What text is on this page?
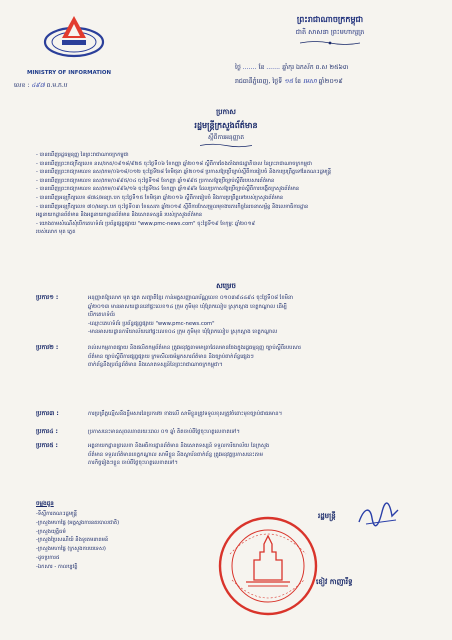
MINISTRY OF INFORMATION
លេខ : ៤៩៧ ព.ម.ក.ប
ព្រះរាជាណាចក្រកម្ពុជា
ជាតិ សាសនា ព្រះមហាក្សត្រ
ថ្ងៃ ....... ខែ ....... ឆ្នាំកុរ ឯកស័ក ព.ស ២៥៦៣
រាជធានីភ្នំពេញ, ថ្ងៃទី ១៥ ខែ មេសា ឆ្នាំ២០១៩
ប្រកាស
រដ្ឋមន្ត្រីក្រសួងព័ត៌មាន
ស្ដីពីការអនុញ្ញាត
- បានឃើញរដ្ឋធម្មនុញ្ញ នៃព្រះរាជាណាចក្រកម្ពុជា
- បានឃើញព្រះរាជក្រឹត្យលេខ នស/រកត/០៩១៨/៩២៥ ចុះថ្ងៃទី០៦ ខែកញ្ញា ឆ្នាំ២០១៨ ស្ដីពីការតែងតាំងរាជរដ្ឋាភិបាល នៃព្រះរាជាណាចក្រកម្ពុជា
- បានឃើញព្រះរាជក្រមលេខ នស/រកម/០៦១៨/០១២ ចុះថ្ងៃទី២៨ ខែមិថុនា ឆ្នាំ២០១៨ ប្រកាសឱ្យប្រើច្បាប់ស្ដីពីការរៀបចំ និងការប្រព្រឹត្តទៅនៃគណៈរដ្ឋមន្ត្រី
- បានឃើញព្រះរាជក្រមលេខ នស/រកម/០៩៩៥/០៤ ចុះថ្ងៃទី១៨ ខែកញ្ញា ឆ្នាំ១៩៩៥ ប្រកាសឱ្យប្រើច្បាប់ស្ដីពីរបបសារព័ត៌មាន
- បានឃើញព្រះរាជក្រមលេខ នស/រកម/០៩៩៦/១៦ ចុះថ្ងៃទី២៤ ខែកញ្ញា ឆ្នាំ១៩៩៦ ដែលប្រកាសឱ្យប្រើច្បាប់ស្ដីពីការបង្កើតក្រសួងព័ត៌មាន
- បានឃើញអនុក្រឹត្យលេខ ៨៧៤/អនក្រ.បក ចុះថ្ងៃទី១៥ ខែមិថុនា ឆ្នាំ២០១៦ ស្ដីពីការរៀបចំ និងការប្រព្រឹត្តទៅរបស់ក្រសួងព័ត៌មាន
- បានឃើញអនុក្រឹត្យលេខ ៧០/អនក្រ.បក ចុះថ្ងៃទី០៣ ខែឧសភា ឆ្នាំ២០១៩ ស្ដីពីការកែសម្រួលមុខងារភារកិច្ចនៃរចនាសម្ព័ន្ធ និងលេខាធិការដ្ឋាន
អគ្គនាយកដ្ឋានព័ត៌មាន និងអគ្គនាយកដ្ឋានព័ត៌មាន និងសោតទស្សន៍ របស់ក្រសួងព័ត៌មាន
- យោងតាមសំណើសុំបើកគេហទំព័រ ប្រព័ន្ធផ្សព្វផ្សាយ "www.pmc-news.com" ចុះថ្ងៃទី១៩ ខែកុម្ភៈ ឆ្នាំ២០១៩
របស់លោក មុត ភ្លេត
សម្រេច
ប្រការ១ :	អនុញ្ញាតឱ្យលោក មុត ភ្លេត សញ្ជាតិខ្មែរ កាន់អត្តសញ្ញាណប័ណ្ណលេខ ០១០៣៩៤៤៩៤ ចុះថ្ងៃទី០៨ ខែមិនា

ឆ្នាំ២០១៣ មានអាសយដ្ឋាននៅផ្ទះលេខ១៤ ក្រុម ភូមិមុខ ឃុំព្រែកលៀប ស្រុកស្អាង ខេត្តកណ្ដាល ដើម្បី

បើកគេហទំព័រ

-ឈ្មោះគេហទំព័រ ប្រព័ន្ធផ្សព្វផ្សាយ "www.pmc-news.com"

-មានអាសយដ្ឋានការិយាល័យនៅផ្ទះលេខ០៤ ក្រុម ភូមិមុខ ឃុំព្រែកលៀប ស្រុកស្អាង ខេត្តកណ្ដាល

ប្រការ២ :	រាល់សកម្មភាពផ្សាយ និងផលិតកម្មព័ត៌មាន ត្រូវអនុវត្តតាមមាត្រាដែលមានចែងក្នុងរដ្ឋធម្មនុញ្ញ ច្បាប់ស្ដីពីរបបសារ

ព័ត៌មាន ច្បាប់ស្ដីពីការផ្សព្វផ្សាយ ក្រមសីលធម៌អ្នកសារព័ត៌មាន និងច្បាប់ពាក់ព័ន្ធផ្សេងៗ

ពាក់ព័ន្ធនឹងប្រព័ន្ធព័ត៌មាន និងសោតទស្សន៍នៃព្រះរាជាណាចក្រកម្ពុជា។

ប្រការ៣ :	ការប្រព្រឹត្តល្មើសនឹងខ្លឹមសារនៃប្រការ២ ខាងលើ សាមីខ្លួនត្រូវទទួលខុសត្រូវចំពោះមុខច្បាប់ជាធរមាន។

ប្រការ៤ :	ប្រកាសនេះមានសុពលភាពរយៈពេល ០១ ឆ្នាំ គិតចាប់ពីថ្ងៃចុះហត្ថលេខាតទៅ។

ប្រការ៥ :	អគ្គនាយកដ្ឋានព្រលេខា និងអធិការដ្ឋានព័ត៌មាន និងសោតទស្សន៍ ទទួលការិយាល័យ នៃក្រសួង

ព័ត៌មាន ទទួលព័ត៌មានខេត្តកណ្ដាល សាមីខ្លួន និងស្ថាប័នពាក់ព័ន្ធ ត្រូវអនុវត្តប្រកាសនេះតាម

ភារកិច្ចរៀងៗខ្លួន ចាប់ពីថ្ងៃចុះហត្ថលេខាតទៅ។

ចម្លងជូន
-ទីស្ដីការគណៈរដ្ឋមន្ត្រី
-ក្រសួងមហាផ្ទៃ (អគ្គស្នងការនគរបាលជាតិ)
-ក្រសួងយុត្តិធម៌
-ក្រសួងប្រៃសណីយ៍ និងទូរគមនាគមន៍
-ក្រសួងមហាផ្ទៃ (ក្រសួងការបរទេស)
-ដូចប្រការ៥
-ឯកសារ - កាលប្បវត្តិ
រដ្ឋមន្ត្រី
ខៀវ កាញារីទ្ធ
